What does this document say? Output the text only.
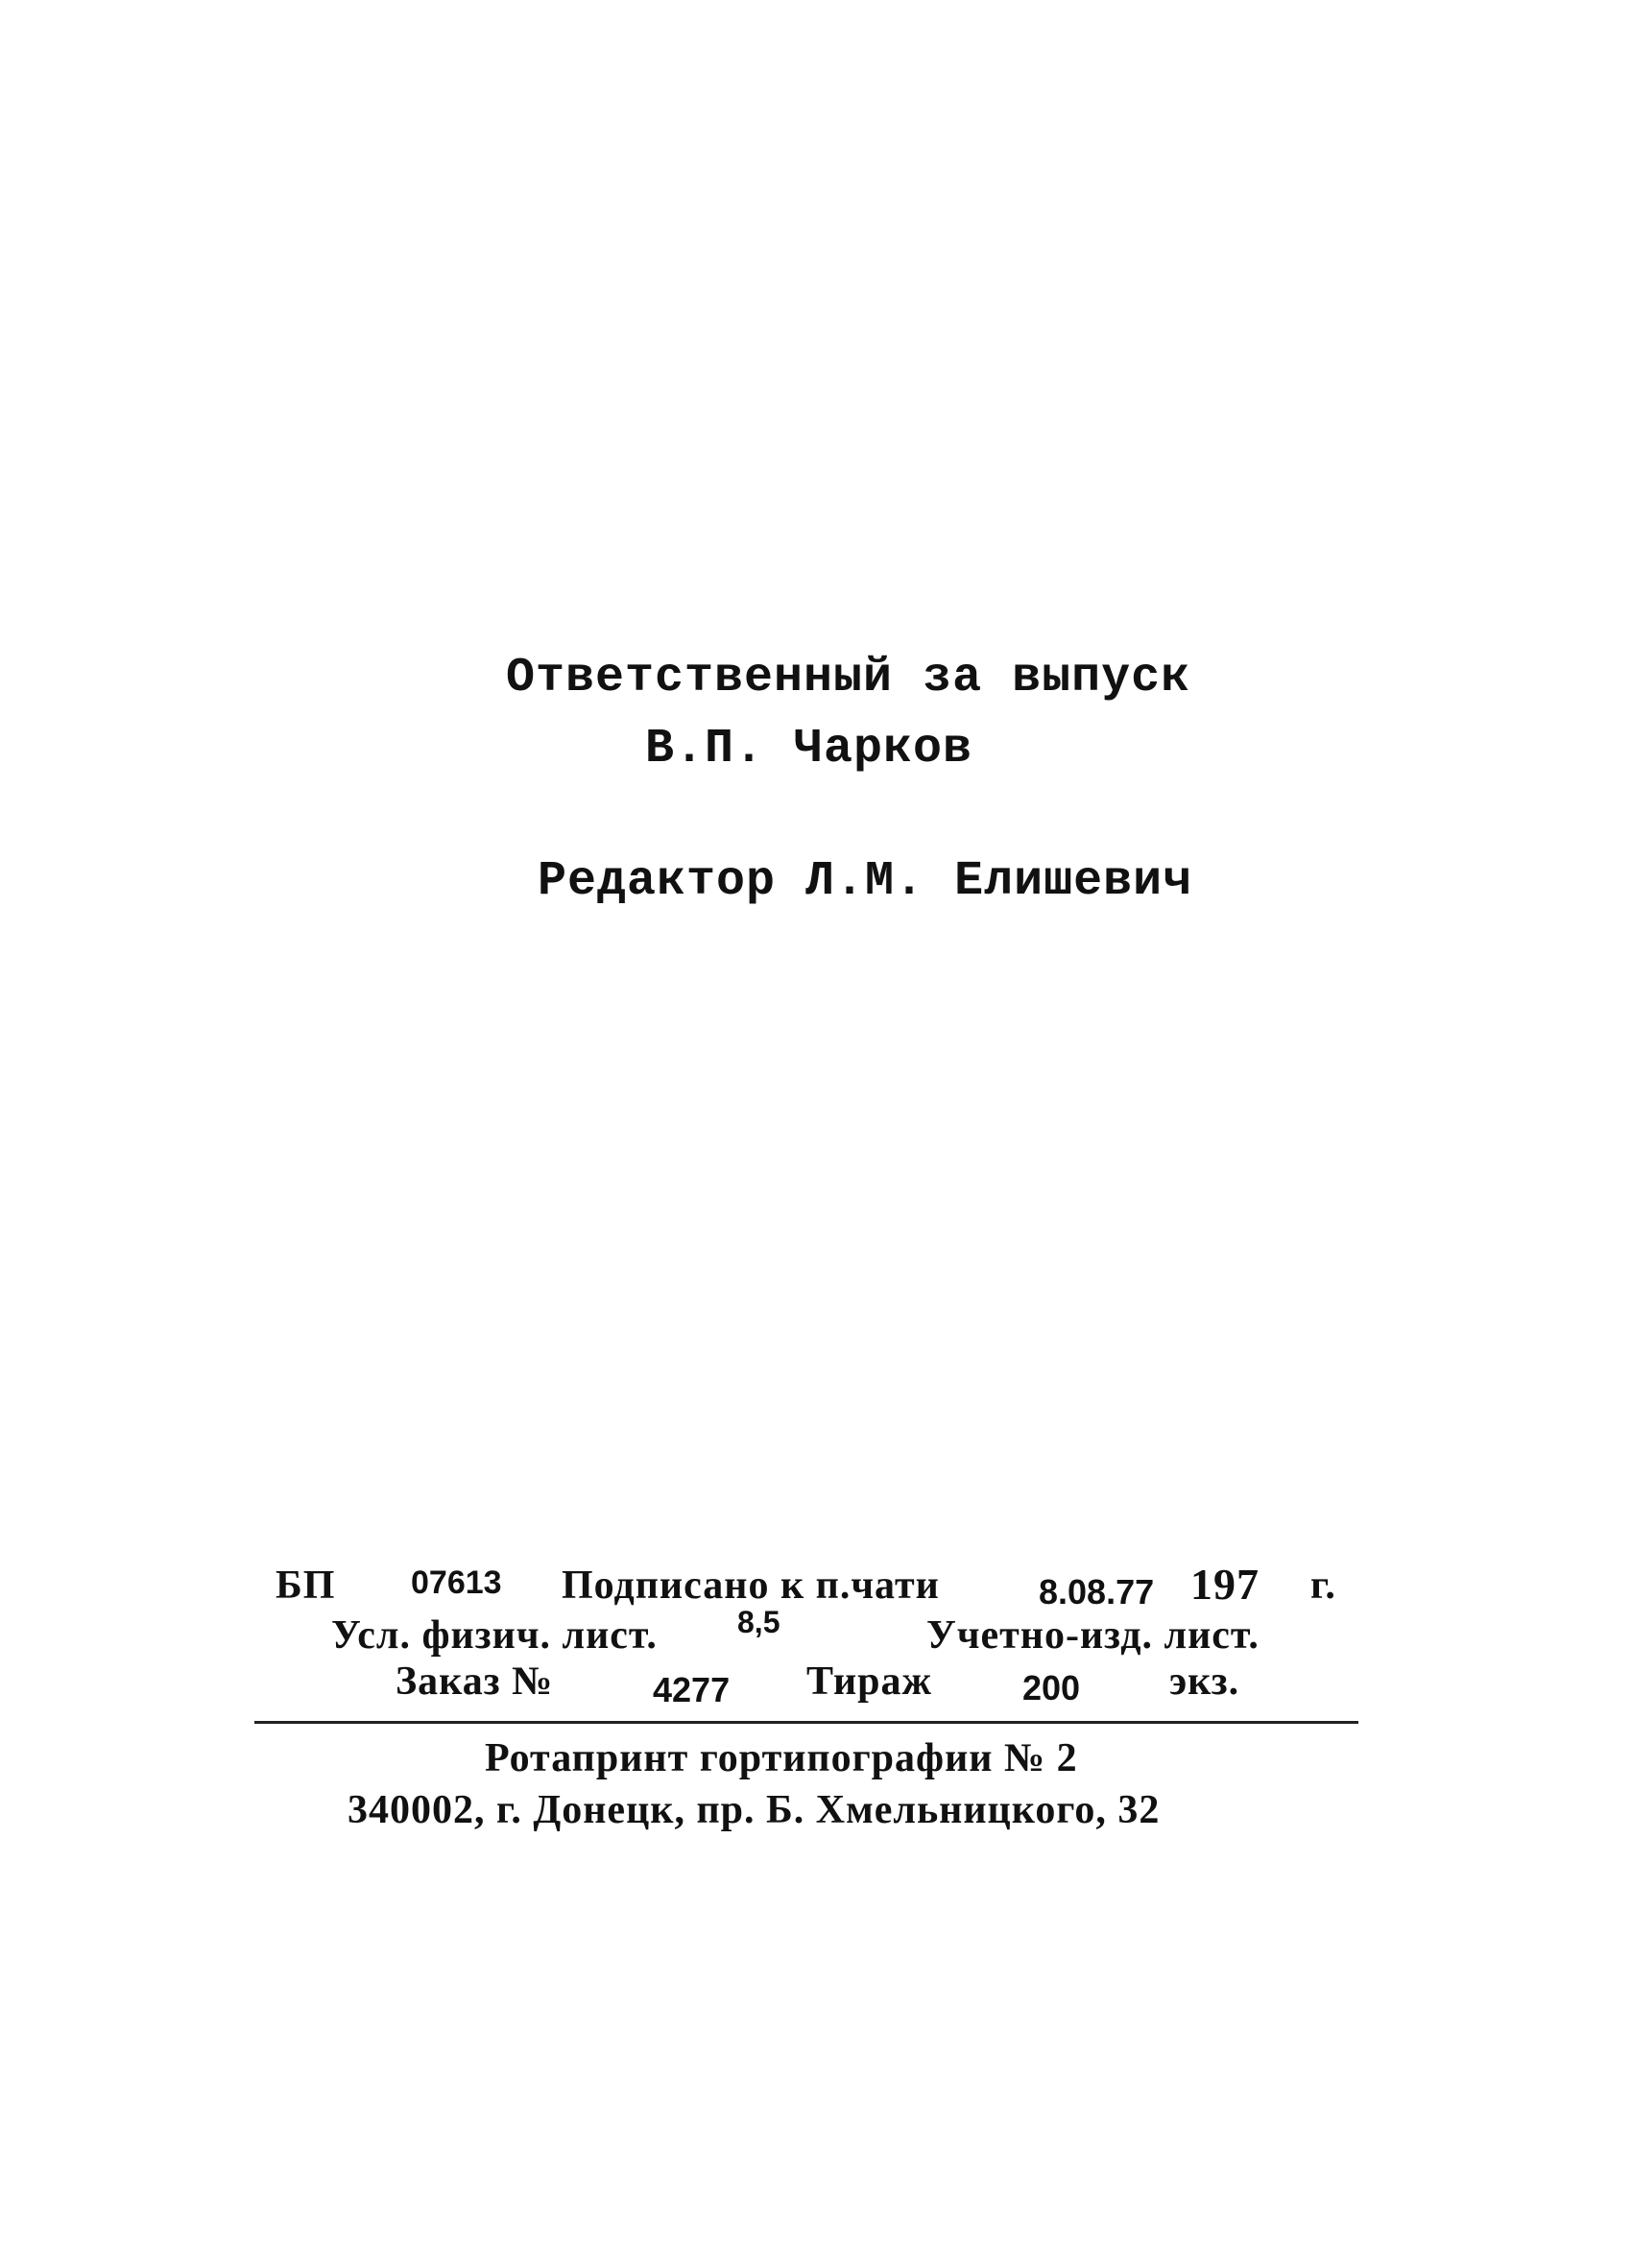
Ответственный за выпуск
В.П. Чарков
Редактор Л.М. Елишевич
БП 07613 Подписано к п.чати	8.08.77 197 г.
Усл. физич. лист.	8,5	Учетно-изд. лист.
Заказ №	4277 Тираж	200 экз.
Ротапринт гортипографии № 2
340002, г. Донецк, пр. Б. Хмельницкого, 32
